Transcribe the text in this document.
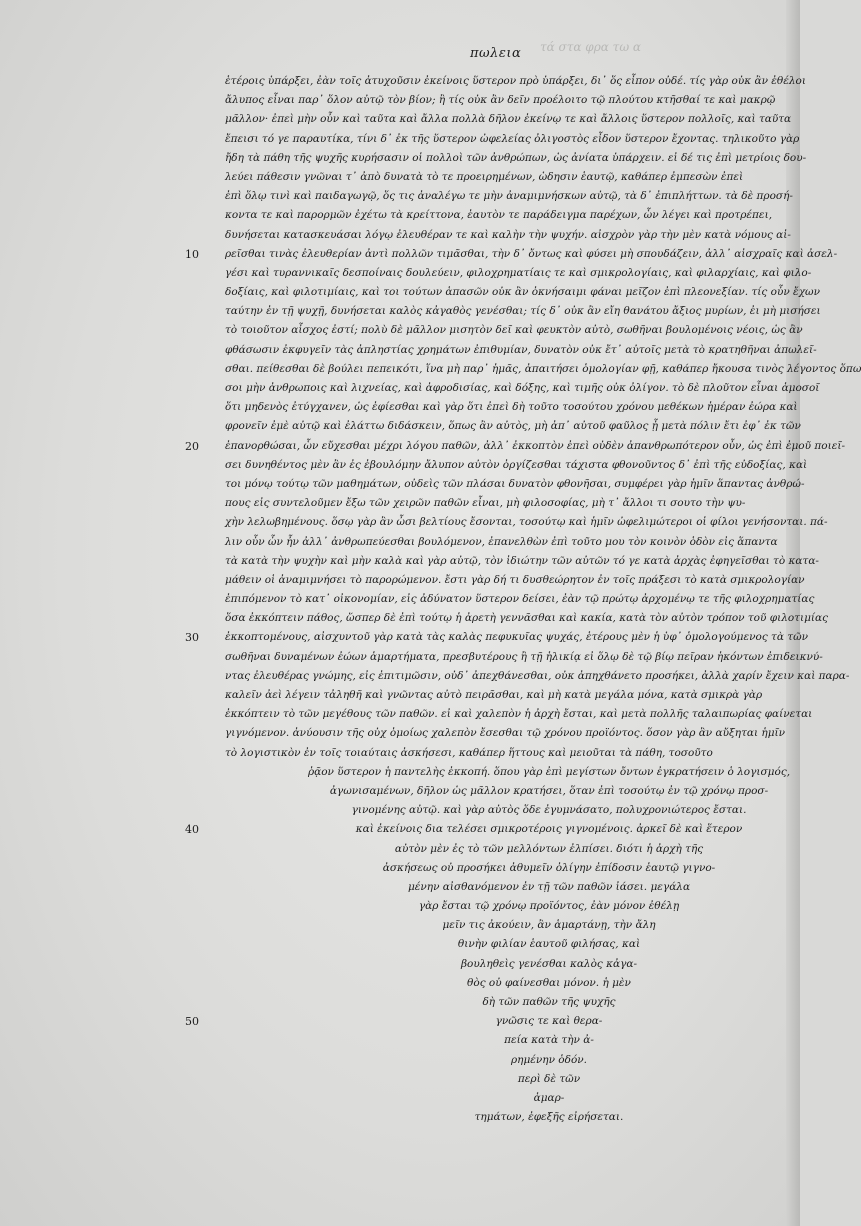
τά στα φρα τω α
πωλεια
ἑτέροις ὑπάρξει, ἐὰν τοῖς ἀτυχοῦσιν ἐκείνοις ὕστερον πρὸ ὑπάρξει, δι᾽ ὅς εἶπον οὐδέ. τίς γὰρ οὐκ ἂν ἐθέλοι
ἄλυπος εἶναι παρ᾽ ὅλον αὐτῷ τὸν βίον; ἢ τίς οὐκ ἂν δεῖν προέλοιτο τῷ πλούτου κτῆσθαί τε καὶ μακρῷ
μᾶλλον· ἐπεὶ μὴν οὖν καὶ ταῦτα καὶ ἄλλα πολλὰ δῆλον ἐκείνῳ τε καὶ ἄλλοις ὕστερον πολλοῖς, καὶ ταῦτα
ἔπεισι τό γε παραυτίκα, τίνι δ᾽ ἐκ τῆς ὕστερον ὠφελείας ὀλιγοστὸς εἶδον ὕστερον ἔχοντας. τηλικοῦτο γὰρ
ἤδη τὰ πάθη τῆς ψυχῆς κυρήσασιν οἱ πολλοὶ τῶν ἀνθρώπων, ὡς ἀνίατα ὑπάρχειν. εἰ δέ τις ἐπὶ μετρίοις δου-
λεύει πάθεσιν γνῶναι τ᾽ ἀπὸ δυνατὰ τὸ τε προειρημένων, ὡδησιν ἑαυτῷ, καθάπερ ἐμπεσὼν ἐπεὶ
ἐπὶ ὅλῳ τινὶ καὶ παιδαγωγῷ, ὅς τις ἀναλέγω τε μὴν ἀναμιμνήσκων αὐτῷ, τὰ δ᾽ ἐπιπλήττων. τὰ δὲ προσή-
κοντα τε καὶ παρορμῶν ἐχέτω τὰ κρείττονα, ἑαυτὸν τε παράδειγμα παρέχων, ὧν λέγει καὶ προτρέπει,
δυνήσεται κατασκευάσαι λόγῳ ἐλευθέραν τε καὶ καλὴν τὴν ψυχήν. αἰσχρὸν γὰρ τὴν μὲν κατὰ νόμους αἱ-
10 ρεῖσθαι τινὰς ἐλευθερίαν ἀντὶ πολλῶν τιμᾶσθαι, τὴν δ᾽ ὄντως καὶ φύσει μὴ σπουδάζειν, ἀλλ᾽ αἰσχραῖς καὶ ἀσελ-
γέσι καὶ τυραννικαῖς δεσποίναις δουλεύειν, φιλοχρηματίαις τε καὶ σμικρολογίαις, καὶ φιλαρχίαις, καὶ φιλο-
δοξίαις, καὶ φιλοτιμίαις, καὶ τοι τούτων ἁπασῶν οὐκ ἂν ὀκνήσαιμι φάναι μεῖζον ἐπὶ πλεονεξίαν. τίς οὖν ἔχων
ταύτην ἐν τῇ ψυχῇ, δυνήσεται καλὸς κἀγαθὸς γενέσθαι; τίς δ᾽ οὐκ ἂν εἴη θανάτου ἄξιος μυρίων, ἐι μὴ μισήσει
τὸ τοιοῦτον αἶσχος ἐστί; πολὺ δὲ μᾶλλον μισητὸν δεῖ καὶ φευκτὸν αὐτὸ, σωθῆναι βουλομένοις νέοις, ὡς ἂν
φθάσωσιν ἐκφυγεῖν τὰς ἀπληστίας χρημάτων ἐπιθυμίαν, δυνατὸν οὐκ ἔτ᾽ αὐτοῖς μετὰ τὸ κρατηθῆναι ἀπωλεῖ-
σθαι. πείθεσθαι δὲ βούλει πεπεικότι, ἵνα μὴ παρ᾽ ἡμᾶς, ἀπαιτήσει ὁμολογίαν φῇ, καθάπερ ἤκουσα τινὸς λέγοντος ὅπω
σοι μὴν ἀνθρωποις καὶ λιχνείας, καὶ ἀφροδισίας, καὶ δόξης, καὶ τιμῆς οὐκ ὀλίγον. τὸ δὲ πλοῦτον εἶναι ἁμοσοῖ
ὅτι μηδενὸς ἐτύγχανεν, ὡς ἐφίεσθαι καὶ γὰρ ὅτι ἐπεὶ δὴ τοῦτο τοσούτου χρόνου μεθέκων ἡμέραν ἐώρα καὶ
φρονεῖν ἐμὲ αὐτῷ καὶ ἐλάττω διδάσκειν, ὅπως ἂν αὐτὸς, μὴ ἀπ᾽ αὐτοῦ φαῦλος ᾖ μετὰ πόλιν ἔτι ἐφ᾽ ἐκ τῶν
20 ἐπανορθώσαι, ὧν εὔχεσθαι μέχρι λόγου παθῶν, ἀλλ᾽ ἐκκοπτὸν ἐπεὶ οὐδὲν ἀπανθρωπότερον οὖν, ὡς ἐπὶ ἐμοῦ ποιεῖ-
σει δυνηθέντος μὲν ἂν ἐς ἐβουλόμην ἄλυπον αὐτὸν ὀργίζεσθαι τάχιστα φθονοῦντος δ᾽ ἐπὶ τῆς εὐδοξίας, καὶ
τοι μόνῳ τούτῳ τῶν μαθημάτων, οὐδεὶς τῶν πλάσαι δυνατὸν φθονῆσαι, συμφέρει γὰρ ἡμῖν ἅπαντας ἀνθρώ-
πους εἰς συντελοῦμεν ἔξω τῶν χειρῶν παθῶν εἶναι, μὴ φιλοσοφίας, μὴ τ᾽ ἄλλοι τι σουτο τὴν ψυ-
χὴν λελωβημένους. ὅσῳ γὰρ ἂν ὦσι βελτίους ἔσονται, τοσούτῳ καὶ ἡμῖν ὠφελιμώτεροι οἱ φίλοι γενήσονται. πά-
λιν οὖν ὧν ἦν ἀλλ᾽ ἀνθρωπεύεσθαι βουλόμενον, ἐπανελθὼν ἐπὶ τοῦτο μου τὸν κοινὸν ὁδὸν εἰς ἅπαντα
τὰ κατὰ τὴν ψυχὴν καὶ μὴν καλὰ καὶ γὰρ αὐτῷ, τὸν ἰδιώτην τῶν αὐτῶν τό γε κατὰ ἀρχὰς ἐφηγεῖσθαι τὸ κατα-
μάθειν οἱ ἀναμιμνήσει τὸ παρορώμενον. ἔστι γὰρ δή τι δυσθεώρητον ἐν τοῖς πράξεσι τὸ κατὰ σμικρολογίαν
ἐπιπόμενον τὸ κατ᾽ οἰκονομίαν, εἰς ἀδύνατον ὕστερον δείσει, ἐὰν τῷ πρώτῳ ἀρχομένῳ τε τῆς φιλοχρηματίας
ὅσα ἐκκόπτειν πάθος, ὥσπερ δὲ ἐπὶ τούτῳ ἡ ἀρετὴ γεννᾶσθαι καὶ κακία, κατὰ τὸν αὐτὸν τρόπον τοῦ φιλοτιμίας
30 ἐκκοπτομένους, αἰσχυντοῦ γὰρ κατὰ τὰς καλὰς πεφυκυῖας ψυχάς, ἑτέρους μὲν ἡ ὑφ᾽ ὁμολογούμενος τὰ τῶν
σωθῆναι δυναμένων ἐώων ἁμαρτήματα, πρεσβυτέρους ἢ τῇ ἡλικίᾳ εἰ ὅλῳ δὲ τῷ βίῳ πεῖραν ἡκόντων ἐπιδεικνύ-
ντας ἐλευθέρας γνώμης, εἰς ἐπιτιμῶσιν, οὐδ᾽ ἀπεχθάνεσθαι, οὐκ ἀπηχθάνετο προσήκει, ἀλλὰ χαρίν ἔχειν καὶ παρα-
καλεῖν ἀεὶ λέγειν τἀληθῆ καὶ γνῶντας αὐτὸ πειρᾶσθαι, καὶ μὴ κατὰ μεγάλα μόνα, κατὰ σμικρὰ γὰρ
ἐκκόπτειν τὸ τῶν μεγέθους τῶν παθῶν. εἰ καὶ χαλεπὸν ἡ ἀρχὴ ἔσται, καὶ μετὰ πολλῆς ταλαιπωρίας φαίνεται
γιγνόμενον. ἀνύουσιν τῆς οὐχ ὁμοίως χαλεπὸν ἔσεσθαι τῷ χρόνου προϊόντος. ὅσον γὰρ ἂν αὔξηται ἡμῖν
τὸ λογιστικὸν ἐν τοῖς τοιαύταις ἀσκήσεσι, καθάπερ ἥττους καὶ μειοῦται τὰ πάθη, τοσοῦτο
ῥᾷον ὕστερον ἡ παντελὴς ἐκκοπή. ὅπου γὰρ ἐπὶ μεγίστων ὄντων ἐγκρατήσειν ὁ λογισμός,
ἀγωνισαμένων, δῆλον ὡς μᾶλλον κρατήσει, ὅταν ἐπὶ τοσούτῳ ἐν τῷ χρόνῳ προσ-
γινομένης αὐτῷ. καὶ γὰρ αὐτὸς ὅδε ἐγυμνάσατο, πολυχρονιώτερος ἔσται.
40	καὶ ἐκείνοις δια τελέσει σμικροτέροις γιγνομένοις. ἀρκεῖ δὲ καὶ ἕτερον
αὐτὸν μὲν ἐς τὸ τῶν μελλόντων ἐλπίσει. διότι ἡ ἀρχὴ τῆς
ἀσκήσεως οὐ προσήκει ἀθυμεῖν ὀλίγην ἐπίδοσιν ἑαυτῷ γιγνο-
μένην αἰσθανόμενον ἐν τῇ τῶν παθῶν ἰάσει. μεγάλα
γὰρ ἔσται τῷ χρόνῳ προϊόντος, ἐὰν μόνον ἐθέλῃ
μεῖν τις ἀκούειν, ἂν ἁμαρτάνῃ, τὴν ἄλη
θινὴν φιλίαν ἑαυτοῦ φιλήσας, καὶ
βουληθεὶς γενέσθαι καλὸς κἀγα-
θὸς οὐ φαίνεσθαι μόνον. ἡ μὲν
δὴ τῶν παθῶν τῆς ψυχῆς
50	γνῶσις τε καὶ θερα-
πεία κατὰ τὴν ἀ-
ρημένην ὁδόν.
περὶ δὲ τῶν
ἁμαρ-
τημάτων, ἐφεξῆς εἰρήσεται.
